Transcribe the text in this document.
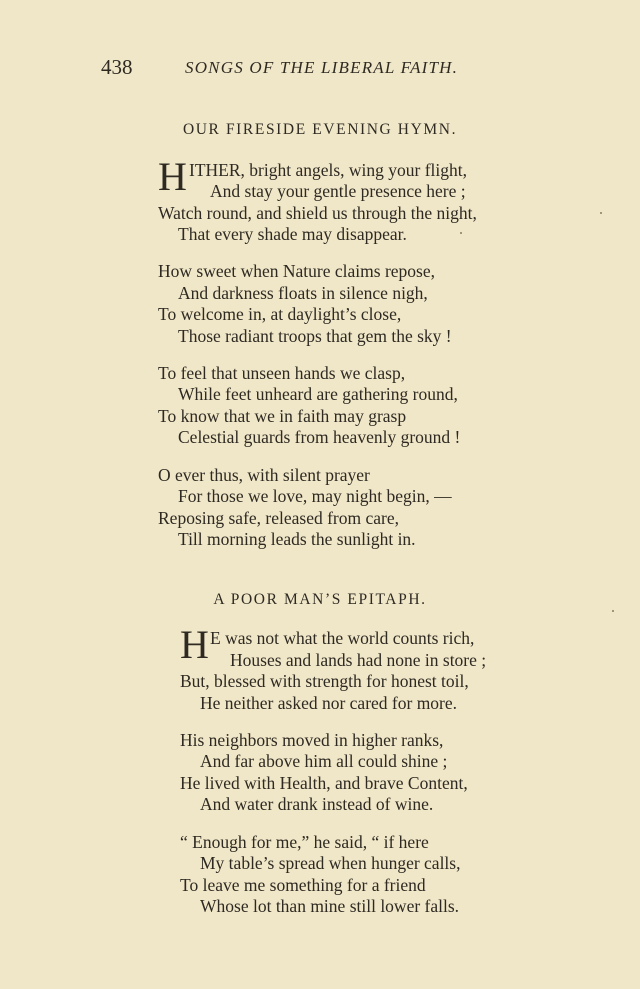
438	SONGS OF THE LIBERAL FAITH.
OUR FIRESIDE EVENING HYMN.
H ITHER, bright angels, wing your flight,
And stay your gentle presence here ;
Watch round, and shield us through the night,
That every shade may disappear.
How sweet when Nature claims repose,
And darkness floats in silence nigh,
To welcome in, at daylight’s close,
Those radiant troops that gem the sky !
To feel that unseen hands we clasp,
While feet unheard are gathering round,
To know that we in faith may grasp
Celestial guards from heavenly ground !
O ever thus, with silent prayer
For those we love, may night begin, —
Reposing safe, released from care,
Till morning leads the sunlight in.
A POOR MAN’S EPITAPH.
H E was not what the world counts rich,
Houses and lands had none in store ;
But, blessed with strength for honest toil,
He neither asked nor cared for more.
His neighbors moved in higher ranks,
And far above him all could shine ;
He lived with Health, and brave Content,
And water drank instead of wine.
“ Enough for me,” he said, “ if here
My table’s spread when hunger calls,
To leave me something for a friend
Whose lot than mine still lower falls.
